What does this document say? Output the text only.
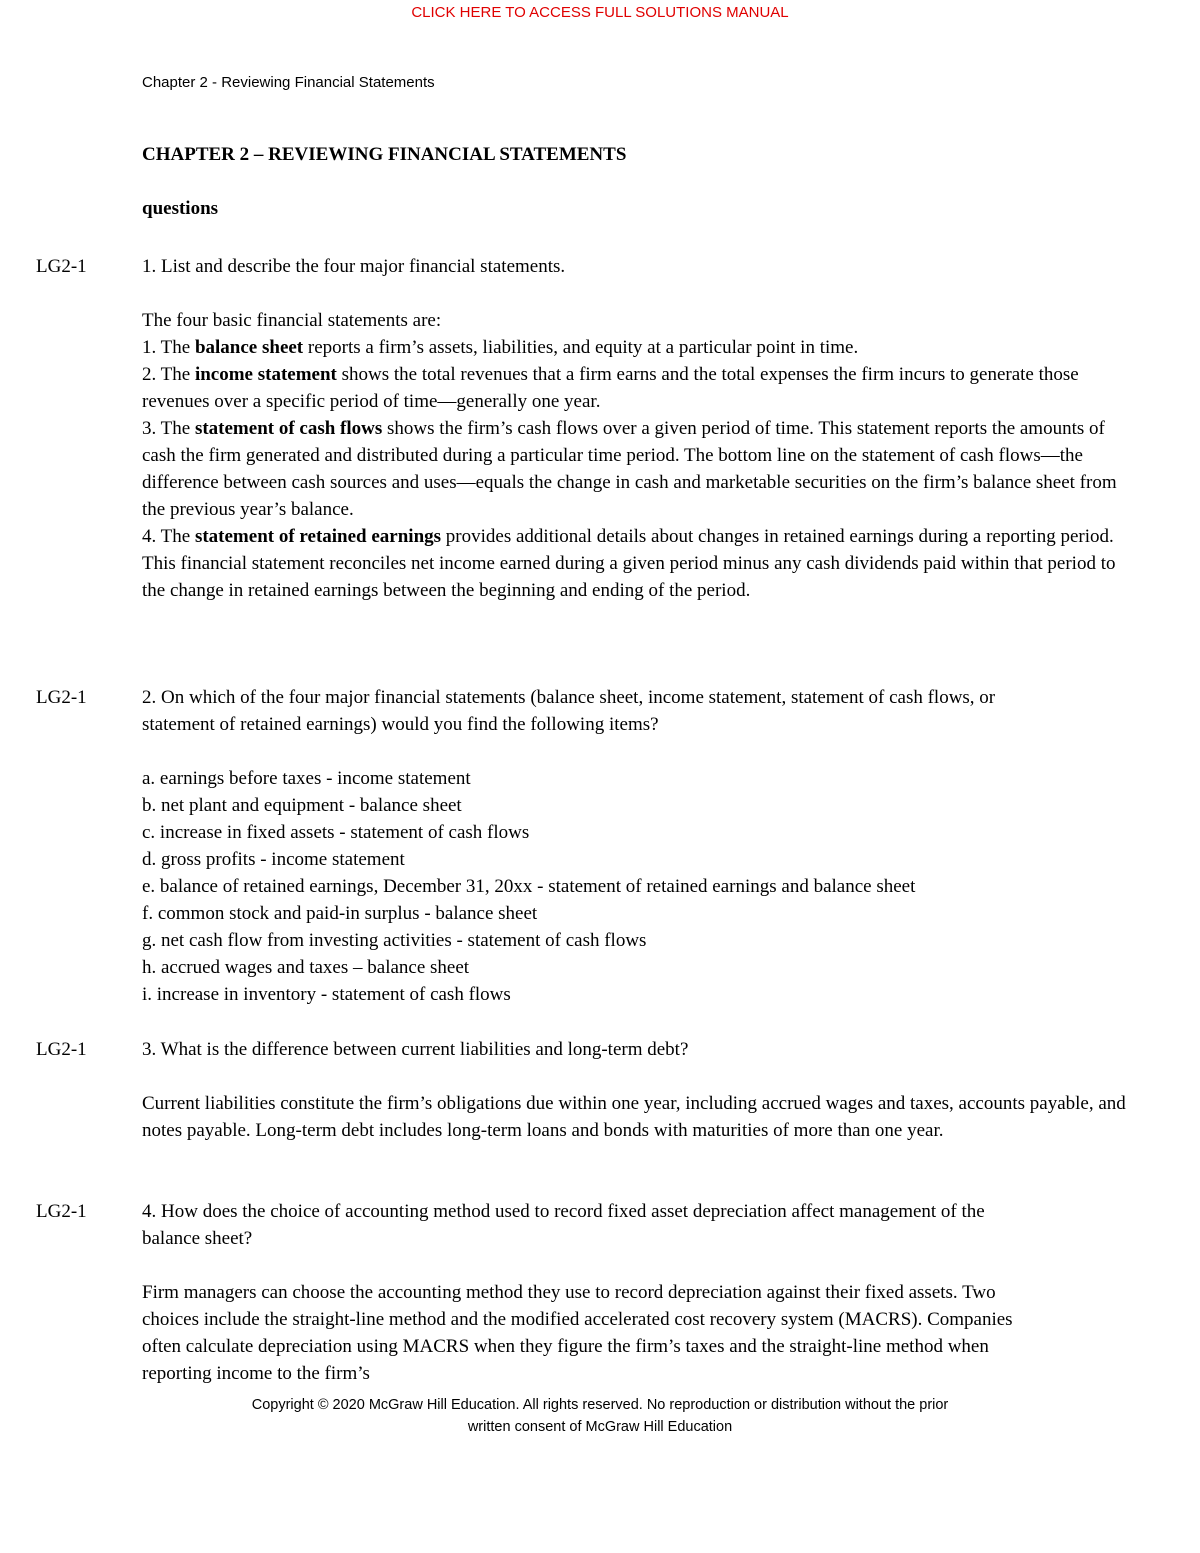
CLICK HERE TO ACCESS FULL SOLUTIONS MANUAL
Chapter 2 - Reviewing Financial Statements
CHAPTER 2 – REVIEWING FINANCIAL STATEMENTS
questions
LG2-1	1. List and describe the four major financial statements.

The four basic financial statements are:

1. The balance sheet reports a firm’s assets, liabilities, and equity at a particular point in time.

2. The income statement shows the total revenues that a firm earns and the total expenses the firm incurs to generate those revenues over a specific period of time—generally one year.

3. The statement of cash flows shows the firm’s cash flows over a given period of time. This statement reports the amounts of cash the firm generated and distributed during a particular time period. The bottom line on the statement of cash flows—the difference between cash sources and uses—equals the change in cash and marketable securities on the firm’s balance sheet from the previous year’s balance.

4. The statement of retained earnings provides additional details about changes in retained earnings during a reporting period. This financial statement reconciles net income earned during a given period minus any cash dividends paid within that period to the change in retained earnings between the beginning and ending of the period.

LG2-1	2. On which of the four major financial statements (balance sheet, income statement, statement of cash flows, or statement of retained earnings) would you find the following items?

a. earnings before taxes - income statement

b. net plant and equipment - balance sheet

c. increase in fixed assets - statement of cash flows

d. gross profits - income statement

e. balance of retained earnings, December 31, 20xx - statement of retained earnings and balance sheet

f. common stock and paid-in surplus - balance sheet

g. net cash flow from investing activities - statement of cash flows

h. accrued wages and taxes – balance sheet

i. increase in inventory - statement of cash flows

LG2-1	3. What is the difference between current liabilities and long-term debt?

Current liabilities constitute the firm’s obligations due within one year, including accrued wages and taxes, accounts payable, and notes payable. Long-term debt includes long-term loans and bonds with maturities of more than one year.

LG2-1	4. How does the choice of accounting method used to record fixed asset depreciation affect management of the balance sheet?

Firm managers can choose the accounting method they use to record depreciation against their fixed assets. Two choices include the straight-line method and the modified accelerated cost recovery system (MACRS). Companies often calculate depreciation using MACRS when they figure the firm’s taxes and the straight-line method when reporting income to the firm’s

Copyright © 2020 McGraw Hill Education. All rights reserved. No reproduction or distribution without the prior
written consent of McGraw Hill Education
